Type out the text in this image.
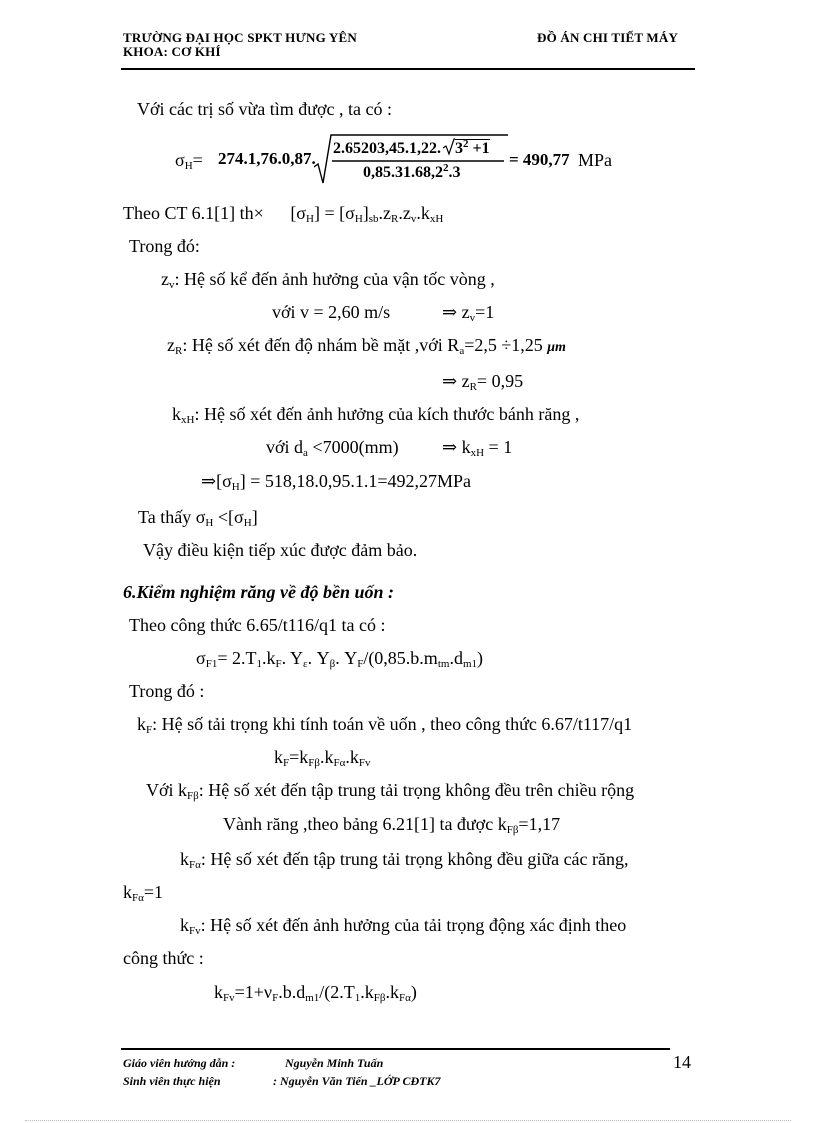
TRƯỜNG ĐẠI HỌC SPKT HƯNG YÊN
KHOA: CƠ KHÍ
ĐỒ ÁN CHI TIẾT MÁY
Với các trị số vừa tìm được , ta có :
$\sigma_H= 274.1,76.0,87$.
2.65203,45.1,22. $3^2 +1$
$0,85.31.68,2^2.3$
= 490,77 MPa
Theo CT 6.1[1] $th\times [\sigma_H] = [\sigma_H]_{sb}.z_R.z_v.k_{xH}$
Trong đó:
$z_v$: Hệ số kể đến ảnh hưởng của vận tốc vòng ,
với v = 2,60 m/s	⇒ $z_v=1$
$z_R$: Hệ số xét đến độ nhám bề mặt ,với $R_a=2,5 \div 1,25$ μm
⇒ $z_R= 0,95$
$k_{xH}$: Hệ số xét đến ảnh hưởng của kích thước bánh răng ,
với $d_a <7000(mm)$ ⇒ $k_{xH} = 1$
$\Rightarrow[\sigma_H] = 518,18.0,95.1.1=492,27MPa$
Ta thấy $\sigma_H <[\sigma_H]$
Vậy điều kiện tiếp xúc được đảm bảo.
6.Kiểm nghiệm răng về độ bền uốn :
Theo công thức 6.65/t116/q1 ta có :
$\sigma_{F1}= 2.T_1.k_F$. $Y_\varepsilon$. $Y_\beta$. $Y_F/(0,85.b.m_{tm}.d_{m1})$
Trong đó :
$k_F$: Hệ số tải trọng khi tính toán về uốn , theo công thức 6.67/t117/q1
$k_F=k_{F\beta}.k_{F\alpha}.k_{Fv}$
Với $k_{F\beta}$: Hệ số xét đến tập trung tải trọng không đều trên chiều rộng
Vành răng ,theo bảng 6.21[1] ta được $k_{F\beta}=1,17$
$k_{F\alpha}$: Hệ số xét đến tập trung tải trọng không đều giữa các răng,
$k_{F\alpha}=1$
$k_{Fv}$: Hệ số xét đến ảnh hưởng của tải trọng động xác định theo
công thức :
$k_{Fv}=1+\nu_F.b.d_{m1}/(2.T_1.k_{F\beta}.k_{F\alpha})$
Giáo viên hướng dẫn :	Nguyễn Minh Tuấn
Sinh viên thực hiện	: Nguyễn Văn Tiến _LỚP CĐTK7
14
